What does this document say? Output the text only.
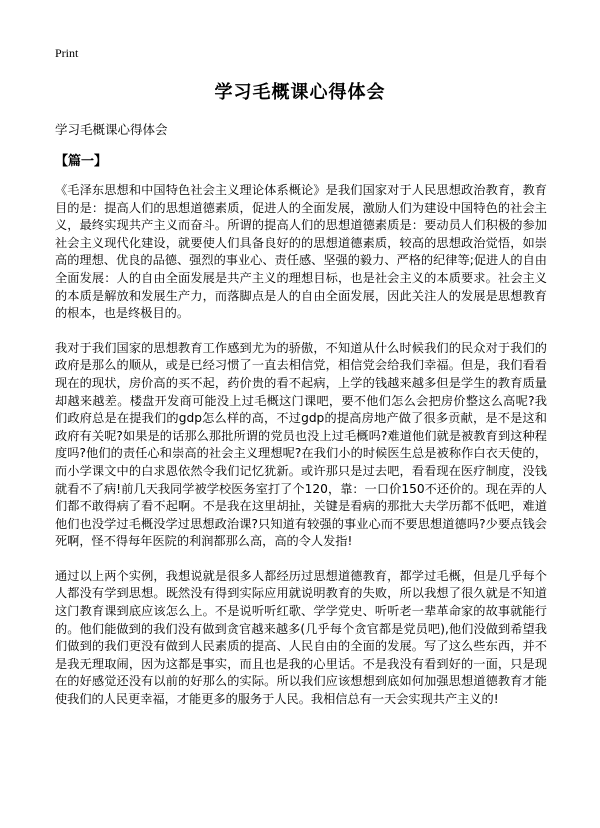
Print
学习毛概课心得体会
学习毛概课心得体会
【篇一】

《毛泽东思想和中国特色社会主义理论体系概论》是我们国家对于人民思想政治教育，教育目的是：提高人们的思想道德素质，促进人的全面发展，激励人们为建设中国特色的社会主义，最终实现共产主义而奋斗。所谓的提高人们的思想道德素质是：要动员人们积极的参加社会主义现代化建设，就要使人们具备良好的的思想道德素质，较高的思想政治觉悟，如崇高的理想、优良的品德、强烈的事业心、责任感、坚强的毅力、严格的纪律等;促进人的自由全面发展：人的自由全面发展是共产主义的理想目标，也是社会主义的本质要求。社会主义的本质是解放和发展生产力，而落脚点是人的自由全面发展，因此关注人的发展是思想教育的根本，也是终极目的。

我对于我们国家的思想教育工作感到尤为的骄傲，不知道从什么时候我们的民众对于我们的政府是那么的顺从，或是已经习惯了一直去相信党，相信党会给我们幸福。但是，我们看看现在的现状，房价高的买不起，药价贵的看不起病，上学的钱越来越多但是学生的教育质量却越来越差。楼盘开发商可能没上过毛概这门课吧，要不他们怎么会把房价整这么高呢?我们政府总是在提我们的gdp怎么样的高，不过gdp的提高房地产做了很多贡献，是不是这和政府有关呢?如果是的话那么那批所谓的党员也没上过毛概吗?难道他们就是被教育到这种程度吗?他们的责任心和崇高的社会主义理想呢?在我们小的时候医生总是被称作白衣天使的，而小学课文中的白求恩依然令我们记忆犹新。或许那只是过去吧，看看现在医疗制度，没钱就看不了病!前几天我同学被学校医务室打了个120，靠：一口价150不还价的。现在弄的人们都不敢得病了看不起啊。不是我在这里胡扯，关键是看病的那批大夫学历都不低吧，难道他们也没学过毛概没学过思想政治课?只知道有较强的事业心而不要思想道德吗?少要点钱会死啊，怪不得每年医院的利润都那么高，高的令人发指!

通过以上两个实例，我想说就是很多人都经历过思想道德教育，都学过毛概，但是几乎每个人都没有学到思想。既然没有得到实际应用就说明教育的失败，所以我想了很久就是不知道这门教育课到底应该怎么上。不是说听听红歌、学学党史、听听老一辈革命家的故事就能行的。他们能做到的我们没有做到贪官越来越多(几乎每个贪官都是党员吧),他们没做到希望我们做到的我们更没有做到人民素质的提高、人民自由的全面的发展。写了这么些东西，并不是我无理取闹，因为这都是事实，而且也是我的心里话。不是我没有看到好的一面，只是现在的好感觉还没有以前的好那么的实际。所以我们应该想想到底如何加强思想道德教育才能使我们的人民更幸福，才能更多的服务于人民。我相信总有一天会实现共产主义的!
